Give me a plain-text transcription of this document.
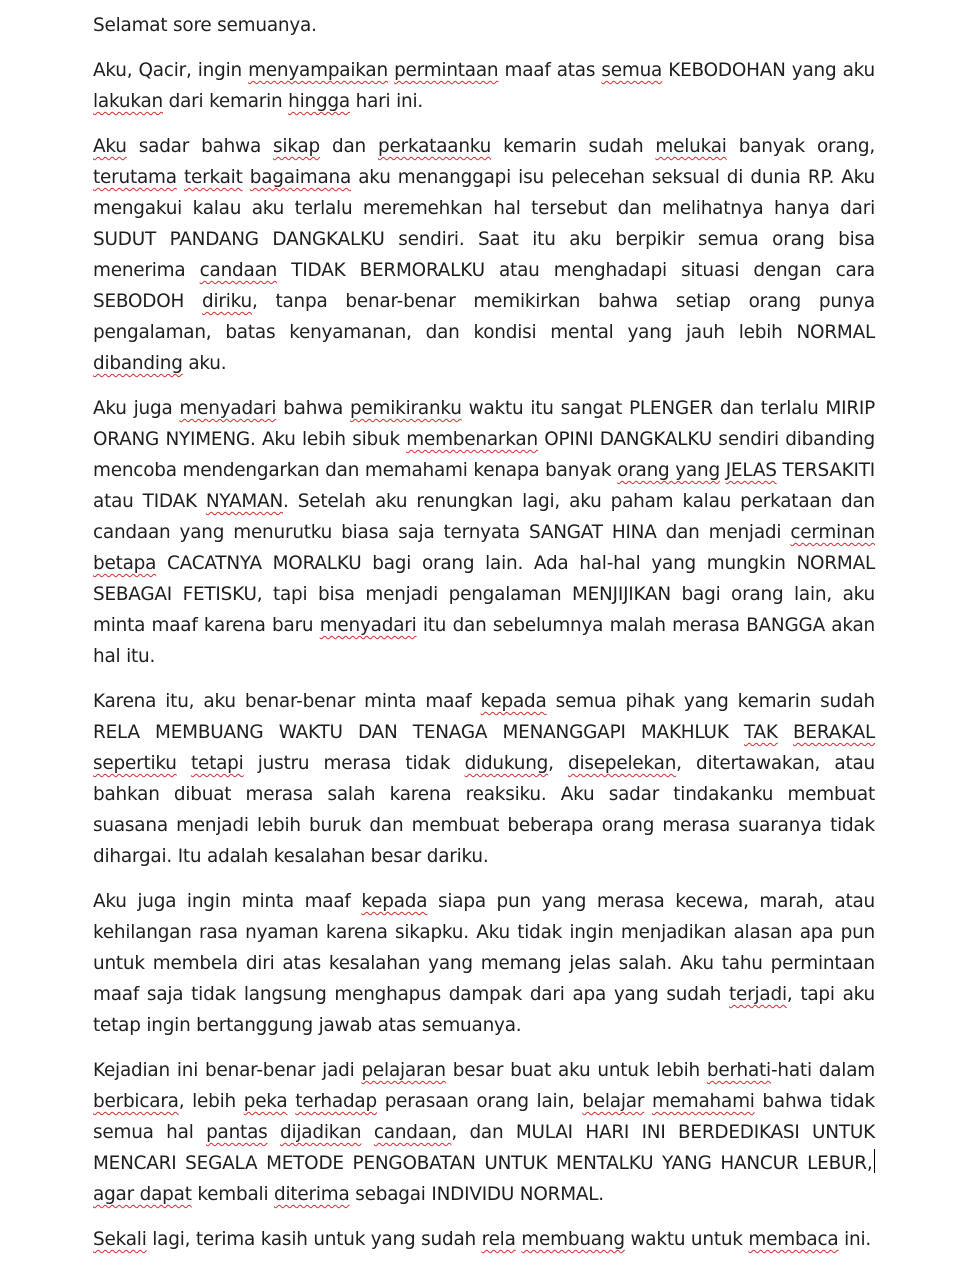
Selamat sore semuanya.

Aku, Qacir, ingin menyampaikan permintaan maaf atas semua KEBODOHAN yang aku lakukan dari kemarin hingga hari ini.

Aku sadar bahwa sikap dan perkataanku kemarin sudah melukai banyak orang, terutama terkait bagaimana aku menanggapi isu pelecehan seksual di dunia RP. Aku mengakui kalau aku terlalu meremehkan hal tersebut dan melihatnya hanya dari SUDUT PANDANG DANGKALKU sendiri. Saat itu aku berpikir semua orang bisa menerima candaan TIDAK BERMORALKU atau menghadapi situasi dengan cara SEBODOH diriku, tanpa benar-benar memikirkan bahwa setiap orang punya pengalaman, batas kenyamanan, dan kondisi mental yang jauh lebih NORMAL dibanding aku.

Aku juga menyadari bahwa pemikiranku waktu itu sangat PLENGER dan terlalu MIRIP ORANG NYIMENG. Aku lebih sibuk membenarkan OPINI DANGKALKU sendiri dibanding mencoba mendengarkan dan memahami kenapa banyak orang yang JELAS TERSAKITI atau TIDAK NYAMAN. Setelah aku renungkan lagi, aku paham kalau perkataan dan candaan yang menurutku biasa saja ternyata SANGAT HINA dan menjadi cerminan betapa CACATNYA MORALKU bagi orang lain. Ada hal-hal yang mungkin NORMAL SEBAGAI FETISKU, tapi bisa menjadi pengalaman MENJIJIKAN bagi orang lain, aku minta maaf karena baru menyadari itu dan sebelumnya malah merasa BANGGA akan hal itu.

Karena itu, aku benar-benar minta maaf kepada semua pihak yang kemarin sudah RELA MEMBUANG WAKTU DAN TENAGA MENANGGAPI MAKHLUK TAK BERAKAL sepertiku tetapi justru merasa tidak didukung, disepelekan, ditertawakan, atau bahkan dibuat merasa salah karena reaksiku. Aku sadar tindakanku membuat suasana menjadi lebih buruk dan membuat beberapa orang merasa suaranya tidak dihargai. Itu adalah kesalahan besar dariku.

Aku juga ingin minta maaf kepada siapa pun yang merasa kecewa, marah, atau kehilangan rasa nyaman karena sikapku. Aku tidak ingin menjadikan alasan apa pun untuk membela diri atas kesalahan yang memang jelas salah. Aku tahu permintaan maaf saja tidak langsung menghapus dampak dari apa yang sudah terjadi, tapi aku tetap ingin bertanggung jawab atas semuanya.

Kejadian ini benar-benar jadi pelajaran besar buat aku untuk lebih berhati-hati dalam berbicara, lebih peka terhadap perasaan orang lain, belajar memahami bahwa tidak semua hal pantas dijadikan candaan, dan MULAI HARI INI BERDEDIKASI UNTUK MENCARI SEGALA METODE PENGOBATAN UNTUK MENTALKU YANG HANCUR LEBUR, agar dapat kembali diterima sebagai INDIVIDU NORMAL.

Sekali lagi, terima kasih untuk yang sudah rela membuang waktu untuk membaca ini.
